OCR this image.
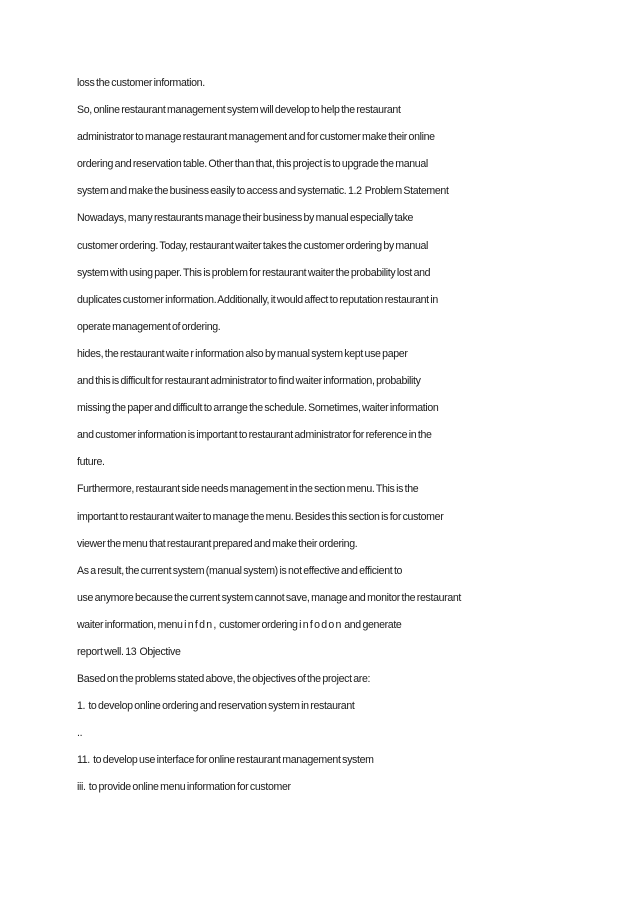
loss the customer information.
So, online restaurant management system will develop to help the restaurant
administrator to manage restaurant management and for customer make their online
ordering and reservation table. Other than that, this project is to upgrade the manual
system and make the business easily to access and systematic. 1.2  Problem Statement
Nowadays, many restaurants manage their business by manual especially take
customer ordering. Today, restaurant waiter takes the customer ordering by manual
system with using paper. This is problem for restaurant waiter the probability lost and
duplicates customer information. Additionally, it would affect to reputation restaurant in
operate management of ordering.
hides, the restaurant waite r information also by manual system kept use paper
and this is difficult for restaurant administrator to find waiter information, probability
missing the paper and difficult to arrange the schedule. Sometimes, waiter information
and customer information is important to restaurant administrator for reference in the
future.
Furthermore, restaurant side needs management in the section menu. This is the
important to restaurant waiter to manage the menu. Besides this section is for customer
viewer the menu that restaurant prepared and make their ordering.
As a result, the current system (manual system) is not effective and efficient to
use anymore because the current system cannot save, manage and monitor the restaurant
waiter information, menu i n f d n ,  customer ordering i n f o d o n  and generate
report well. 13  Objective
Based on the problems stated above, the objectives of the project are:
1.  to develop online ordering and reservation system in restaurant
..
11.  to develop use interface for online restaurant management system
iii.  to provide online menu information for customer
